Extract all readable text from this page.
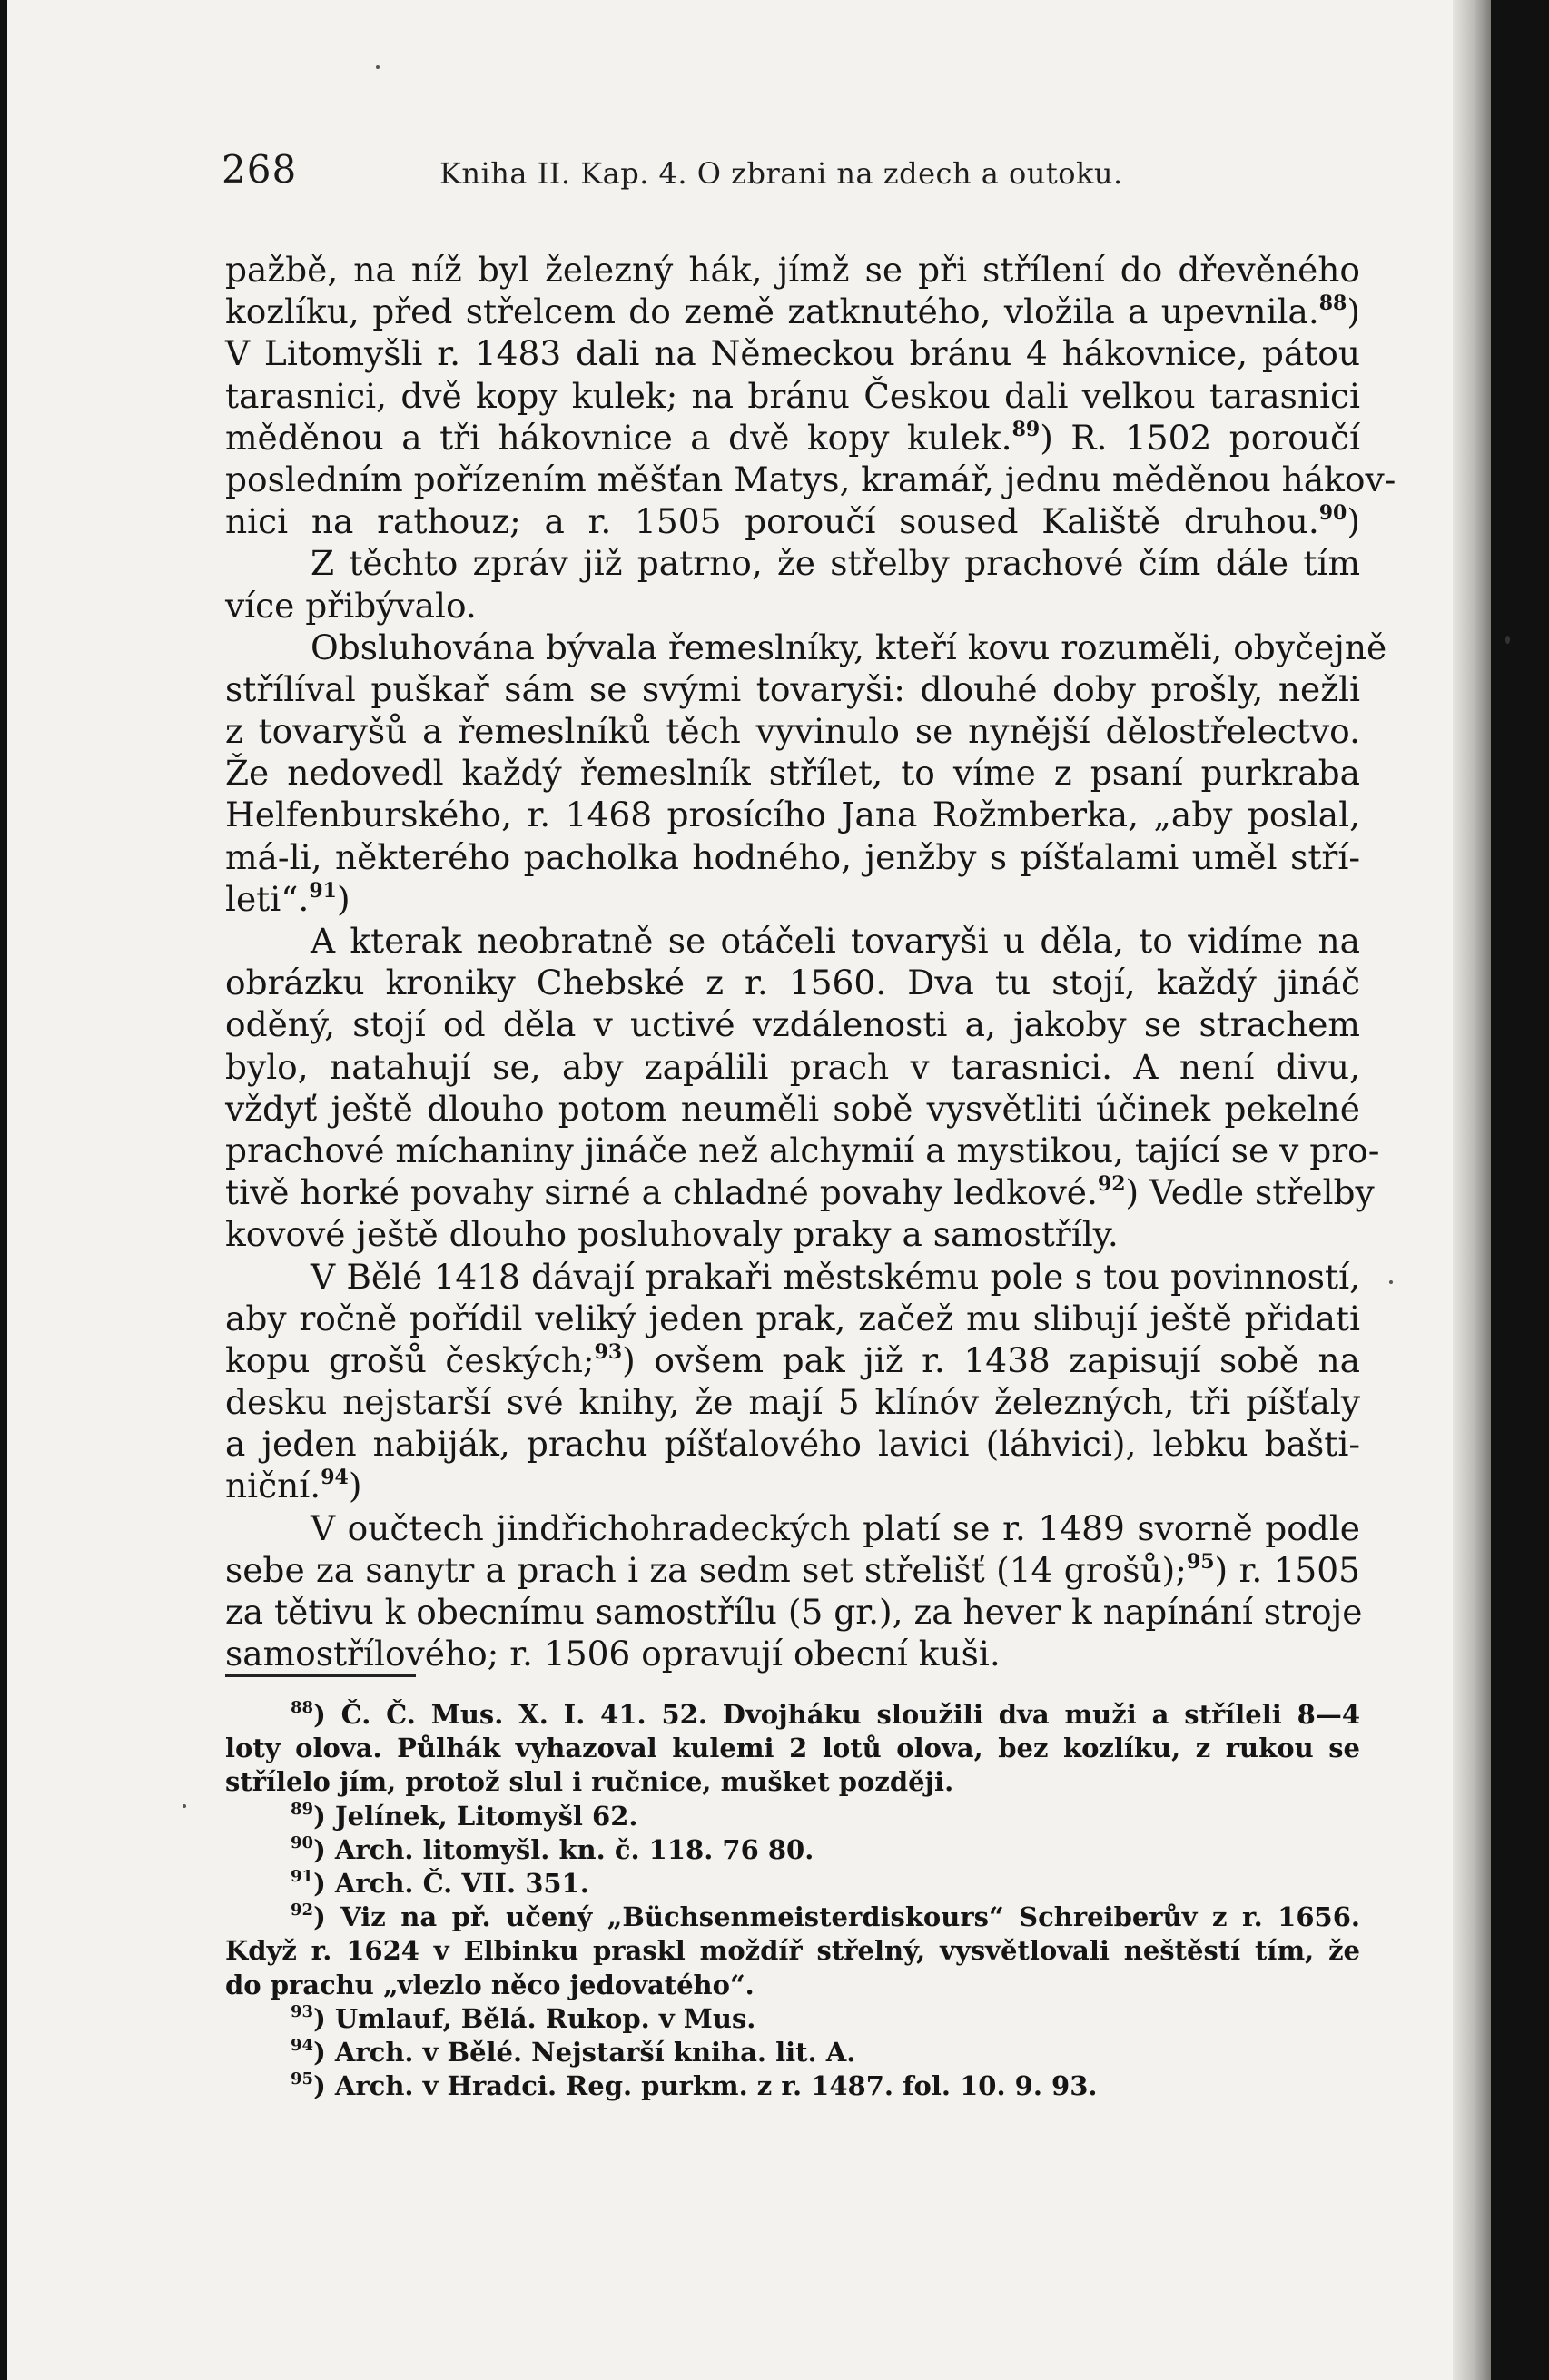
268	Kniha II. Kap. 4. O zbrani na zdech a outoku.
pažbě, na níž byl železný hák, jímž se při střílení do dřevěného
kozlíku, před střelcem do země zatknutého, vložila a upevnila.$^{88}$)
V Litomyšli r. 1483 dali na Německou bránu 4 hákovnice, pátou
tarasnici, dvě kopy kulek; na bránu Českou dali velkou tarasnici
měděnou a tři hákovnice a dvě kopy kulek.$^{89}$) R. 1502 poroučí
posledním pořízením měšťan Matys, kramář, jednu měděnou hákov-
nici na rathouz; a r. 1505 poroučí soused Kaliště druhou.$^{90}$)
Z těchto zpráv již patrno, že střelby prachové čím dále tím
více přibývalo.
Obsluhována bývala řemeslníky, kteří kovu rozuměli, obyčejně
střílíval puškař sám se svými tovaryši: dlouhé doby prošly, nežli
z tovaryšů a řemeslníků těch vyvinulo se nynější dělostřelectvo.
Že nedovedl každý řemeslník střílet, to víme z psaní purkraba
Helfenburského, r. 1468 prosícího Jana Rožmberka, „aby poslal,
má-li, některého pacholka hodného, jenžby s píšťalami uměl stří-
leti“.$^{91}$)
A kterak neobratně se otáčeli tovaryši u děla, to vidíme na
obrázku kroniky Chebské z r. 1560. Dva tu stojí, každý jináč
oděný, stojí od děla v uctivé vzdálenosti a, jakoby se strachem
bylo, natahují se, aby zapálili prach v tarasnici. A není divu,
vždyť ještě dlouho potom neuměli sobě vysvětliti účinek pekelné
prachové míchaniny jináče než alchymií a mystikou, tající se v pro-
tivě horké povahy sirné a chladné povahy ledkové.$^{92}$) Vedle střelby
kovové ještě dlouho posluhovaly praky a samostříly.
V Bělé 1418 dávají prakaři městskému pole s tou povinností,
aby ročně pořídil veliký jeden prak, začež mu slibují ještě přidati
kopu grošů českých;$^{93}$) ovšem pak již r. 1438 zapisují sobě na
desku nejstarší své knihy, že mají 5 klínóv železných, tři píšťaly
a jeden nabiják, prachu píšťalového lavici (láhvici), lebku bašti-
niční.$^{94}$)
V oučtech jindřichohradeckých platí se r. 1489 svorně podle
sebe za sanytr a prach i za sedm set střelišť (14 grošů);$^{95}$) r. 1505
za tětivu k obecnímu samostřílu (5 gr.), za hever k napínání stroje
samostřílového; r. 1506 opravují obecní kuši.
$^{88}$) Č. Č. Mus. X. I. 41. 52. Dvojháku sloužili dva muži a stříleli 8—4
loty olova. Půlhák vyhazoval kulemi 2 lotů olova, bez kozlíku, z rukou se
střílelo jím, protož slul i ručnice, mušket později.
$^{89}$) Jelínek, Litomyšl 62.
$^{90}$) Arch. litomyšl. kn. č. 118. 76 80.
$^{91}$) Arch. Č. VII. 351.
$^{92}$) Viz na př. učený „Büchsenmeisterdiskours“ Schreiberův z r. 1656.
Když r. 1624 v Elbinku praskl moždíř střelný, vysvětlovali neštěstí tím, že
do prachu „vlezlo něco jedovatého“.
$^{93}$) Umlauf, Bělá. Rukop. v Mus.
$^{94}$) Arch. v Bělé. Nejstarší kniha. lit. A.
$^{95}$) Arch. v Hradci. Reg. purkm. z r. 1487. fol. 10. 9. 93.
